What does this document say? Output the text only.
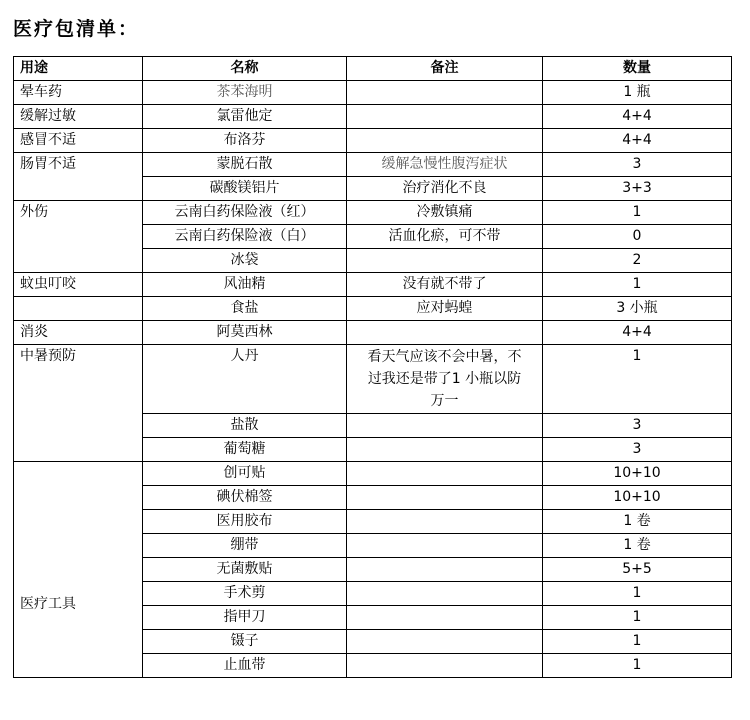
医疗包清单：
用途	名称	备注	数量
晕车药	茶苯海明		1 瓶
缓解过敏	氯雷他定		4+4
感冒不适	布洛芬		4+4
肠胃不适	蒙脱石散	缓解急慢性腹泻症状	3
	碳酸镁铝片	治疗消化不良	3+3
外伤	云南白药保险液（红）	冷敷镇痛	1
	云南白药保险液（白）	活血化瘀，可不带	0
	冰袋		2
蚊虫叮咬	风油精	没有就不带了	1
	食盐	应对蚂蝗	3 小瓶
消炎	阿莫西林		4+4
中暑预防	人丹	看天气应该不会中暑，不过我还是带了1 小瓶以防万一	1
	盐散		3
	葡萄糖		3

医疗工具	创可贴		10+10
	碘伏棉签		10+10
	医用胶布		1 卷
	绷带		1 卷
	无菌敷贴		5+5
	手术剪		1
	指甲刀		1
	镊子		1
	止血带		1
